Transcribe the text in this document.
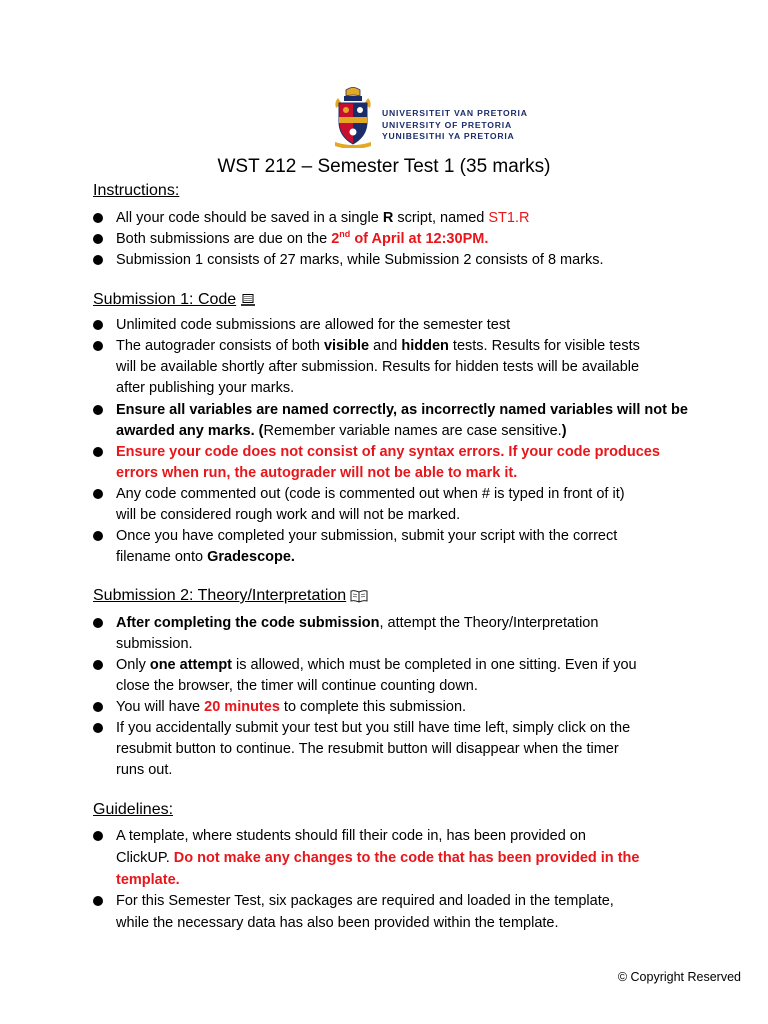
UNIVERSITEIT VAN PRETORIA
UNIVERSITY OF PRETORIA
YUNIBESITHI YA PRETORIA
WST 212 – Semester Test 1 (35 marks)
Instructions:
All your code should be saved in a single R script, named ST1.R
Both submissions are due on the 2nd of April at 12:30PM.
Submission 1 consists of 27 marks, while Submission 2 consists of 8 marks.
Submission 1: Code
Unlimited code submissions are allowed for the semester test
The autograder consists of both visible and hidden tests. Results for visible tests
will be available shortly after submission. Results for hidden tests will be available
after publishing your marks.
Ensure all variables are named correctly, as incorrectly named variables will not be
awarded any marks. (Remember variable names are case sensitive.)
Ensure your code does not consist of any syntax errors. If your code produces
errors when run, the autograder will not be able to mark it.
Any code commented out (code is commented out when # is typed in front of it)
will be considered rough work and will not be marked.
Once you have completed your submission, submit your script with the correct
filename onto Gradescope.
Submission 2: Theory/Interpretation
After completing the code submission, attempt the Theory/Interpretation
submission.
Only one attempt is allowed, which must be completed in one sitting. Even if you
close the browser, the timer will continue counting down.
You will have 20 minutes to complete this submission.
If you accidentally submit your test but you still have time left, simply click on the
resubmit button to continue. The resubmit button will disappear when the timer
runs out.
Guidelines:
A template, where students should fill their code in, has been provided on
ClickUP. Do not make any changes to the code that has been provided in the
template.
For this Semester Test, six packages are required and loaded in the template,
while the necessary data has also been provided within the template.
© Copyright Reserved
